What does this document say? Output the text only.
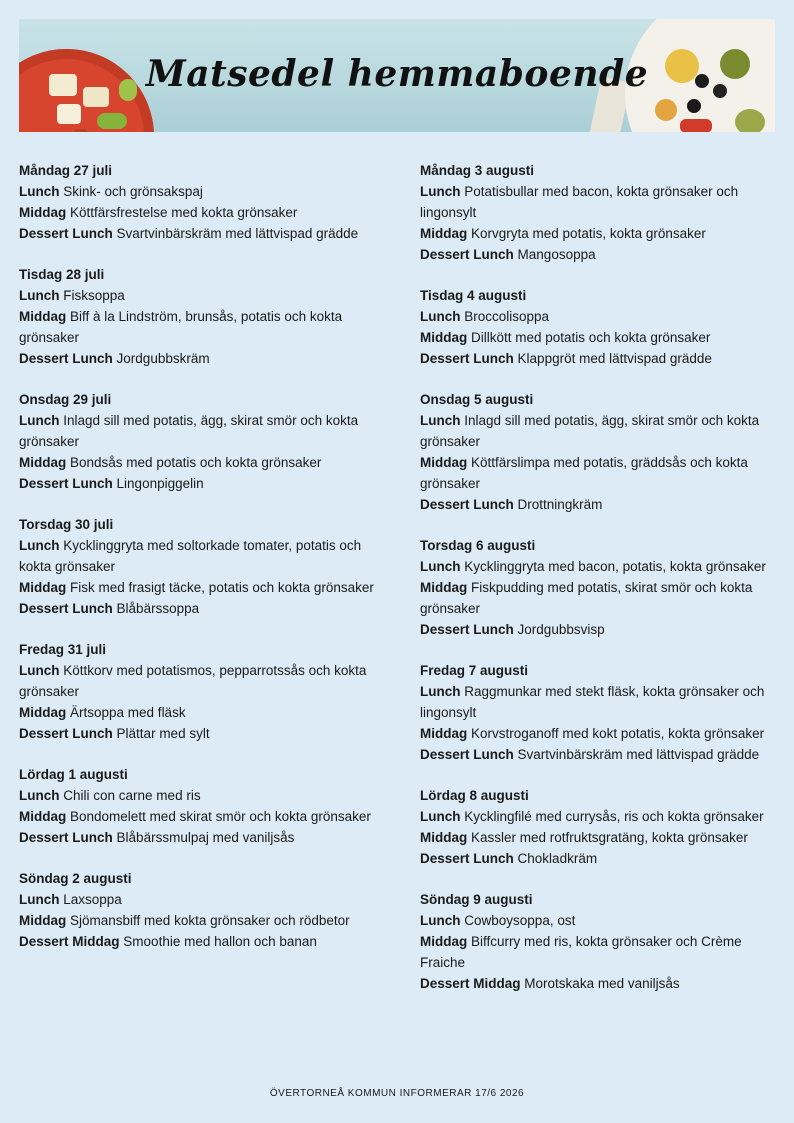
Matsedel hemmaboende
Måndag 27 juli
Lunch Skink- och grönsakspaj
Middag Köttfärsfrestelse med kokta grönsaker
Dessert Lunch Svartvinbärskräm med lättvispad grädde
Tisdag 28 juli
Lunch Fisksoppa
Middag Biff à la Lindström, brunsås, potatis och kokta grönsaker
Dessert Lunch Jordgubbskräm
Onsdag 29 juli
Lunch Inlagd sill med potatis, ägg, skirat smör och kokta grönsaker
Middag Bondsås med potatis och kokta grönsaker
Dessert Lunch Lingonpiggelin
Torsdag 30 juli
Lunch Kycklinggryta med soltorkade tomater, potatis och kokta grönsaker
Middag Fisk med frasigt täcke, potatis och kokta grönsaker
Dessert Lunch Blåbärssoppa
Fredag 31 juli
Lunch Köttkorv med potatismos, pepparrotssås och kokta grönsaker
Middag Ärtsoppa med fläsk
Dessert Lunch Plättar med sylt
Lördag 1 augusti
Lunch Chili con carne med ris
Middag Bondomelett med skirat smör och kokta grönsaker
Dessert Lunch Blåbärssmulpaj med vaniljsås
Söndag 2 augusti
Lunch Laxsoppa
Middag Sjömansbiff med kokta grönsaker och rödbetor
Dessert Middag Smoothie med hallon och banan
Måndag 3 augusti
Lunch Potatisbullar med bacon, kokta grönsaker och lingonsylt
Middag Korvgryta med potatis, kokta grönsaker
Dessert Lunch Mangosoppa
Tisdag 4 augusti
Lunch Broccolisoppa
Middag Dillkött med potatis och kokta grönsaker
Dessert Lunch Klappgröt med lättvispad grädde
Onsdag 5 augusti
Lunch Inlagd sill med potatis, ägg, skirat smör och kokta grönsaker
Middag Köttfärslimpa med potatis, gräddsås och kokta grönsaker
Dessert Lunch Drottningkräm
Torsdag 6 augusti
Lunch Kycklinggryta med bacon, potatis, kokta grönsaker
Middag Fiskpudding med potatis, skirat smör och kokta grönsaker
Dessert Lunch Jordgubbsvisp
Fredag 7 augusti
Lunch Raggmunkar med stekt fläsk, kokta grönsaker och lingonsylt
Middag Korvstroganoff med kokt potatis, kokta grönsaker
Dessert Lunch Svartvinbärskräm med lättvispad grädde
Lördag 8 augusti
Lunch Kycklingfilé med currysås, ris och kokta grönsaker
Middag Kassler med rotfruktsgratäng, kokta grönsaker
Dessert Lunch Chokladkräm
Söndag 9 augusti
Lunch Cowboysoppa, ost
Middag Biffcurry med ris, kokta grönsaker och Crème Fraiche
Dessert Middag Morotskaka med vaniljsås
ÖVERTORNEÅ KOMMUN INFORMERAR 17/6 2026
